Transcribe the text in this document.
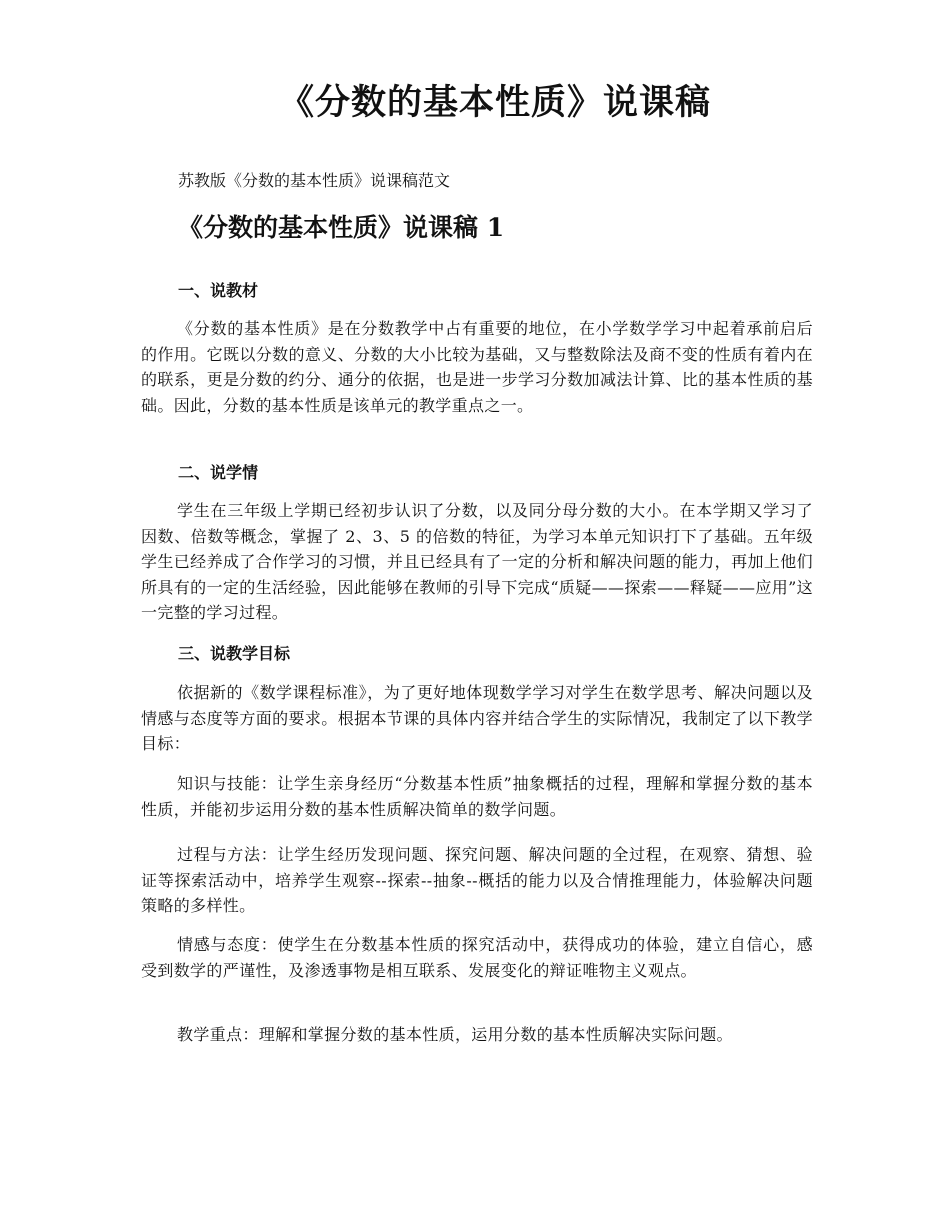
《分数的基本性质》说课稿

苏教版《分数的基本性质》说课稿范文

《分数的基本性质》说课稿 1
一、说教材

《分数的基本性质》是在分数教学中占有重要的地位，在小学数学学习中起着承前启后的作用。它既以分数的意义、分数的大小比较为基础，又与整数除法及商不变的性质有着内在的联系，更是分数的约分、通分的依据，也是进一步学习分数加减法计算、比的基本性质的基础。因此，分数的基本性质是该单元的教学重点之一。

二、说学情

学生在三年级上学期已经初步认识了分数，以及同分母分数的大小。在本学期又学习了因数、倍数等概念，掌握了 2、3、5 的倍数的特征，为学习本单元知识打下了基础。五年级学生已经养成了合作学习的习惯，并且已经具有了一定的分析和解决问题的能力，再加上他们所具有的一定的生活经验，因此能够在教师的引导下完成“质疑——探索——释疑——应用”这一完整的学习过程。

三、说教学目标

依据新的《数学课程标准》，为了更好地体现数学学习对学生在数学思考、解决问题以及情感与态度等方面的要求。根据本节课的具体内容并结合学生的实际情况，我制定了以下教学目标：

知识与技能：让学生亲身经历“分数基本性质”抽象概括的过程，理解和掌握分数的基本性质，并能初步运用分数的基本性质解决简单的数学问题。

过程与方法：让学生经历发现问题、探究问题、解决问题的全过程，在观察、猜想、验证等探索活动中，培养学生观察--探索--抽象--概括的能力以及合情推理能力，体验解决问题策略的多样性。

情感与态度：使学生在分数基本性质的探究活动中，获得成功的体验，建立自信心，感受到数学的严谨性，及渗透事物是相互联系、发展变化的辩证唯物主义观点。

教学重点：理解和掌握分数的基本性质，运用分数的基本性质解决实际问题。
